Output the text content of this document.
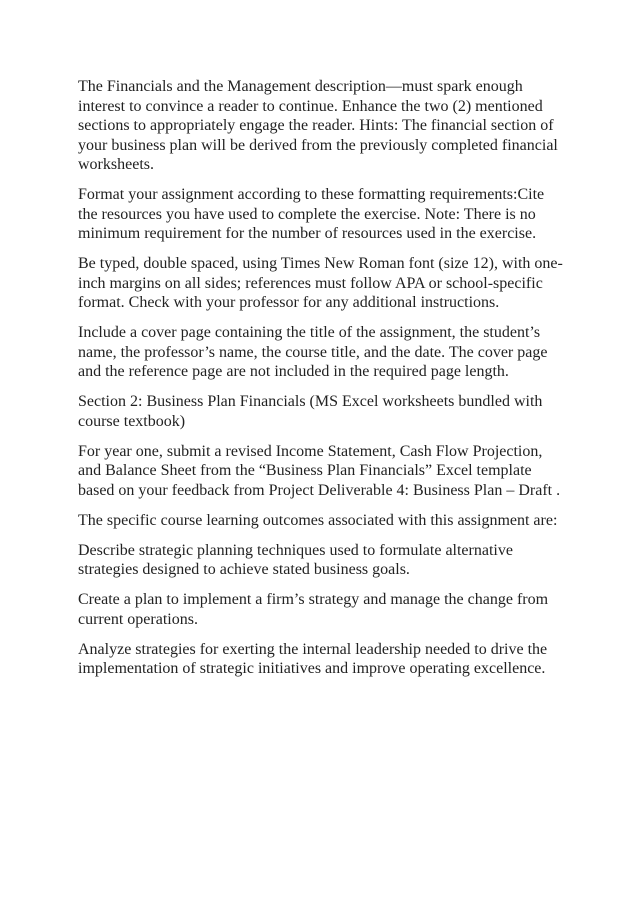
The Financials and the Management description—must spark enough interest to convince a reader to continue. Enhance the two (2) mentioned sections to appropriately engage the reader. Hints: The financial section of your business plan will be derived from the previously completed financial worksheets.

Format your assignment according to these formatting requirements:Cite the resources you have used to complete the exercise. Note: There is no minimum requirement for the number of resources used in the exercise.

Be typed, double spaced, using Times New Roman font (size 12), with one-inch margins on all sides; references must follow APA or school-specific format. Check with your professor for any additional instructions.

Include a cover page containing the title of the assignment, the student’s name, the professor’s name, the course title, and the date. The cover page and the reference page are not included in the required page length.

Section 2: Business Plan Financials (MS Excel worksheets bundled with course textbook)

For year one, submit a revised Income Statement, Cash Flow Projection, and Balance Sheet from the “Business Plan Financials” Excel template based on your feedback from Project Deliverable 4: Business Plan – Draft .

The specific course learning outcomes associated with this assignment are:

Describe strategic planning techniques used to formulate alternative strategies designed to achieve stated business goals.

Create a plan to implement a firm’s strategy and manage the change from current operations.

Analyze strategies for exerting the internal leadership needed to drive the implementation of strategic initiatives and improve operating excellence.
